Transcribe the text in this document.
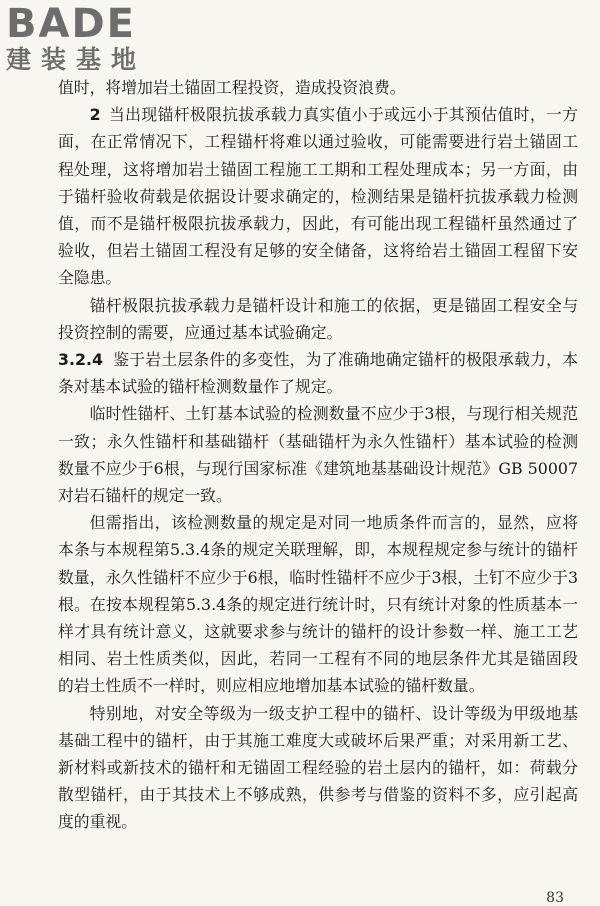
BADE
建装基地

值时，将增加岩土锚固工程投资，造成投资浪费。

2 当出现锚杆极限抗拔承载力真实值小于或远小于其预估值时，一方面，在正常情况下，工程锚杆将难以通过验收，可能需要进行岩土锚固工程处理，这将增加岩土锚固工程施工工期和工程处理成本；另一方面，由于锚杆验收荷载是依据设计要求确定的，检测结果是锚杆抗拔承载力检测值，而不是锚杆极限抗拔承载力，因此，有可能出现工程锚杆虽然通过了验收，但岩土锚固工程没有足够的安全储备，这将给岩土锚固工程留下安全隐患。

锚杆极限抗拔承载力是锚杆设计和施工的依据，更是锚固工程安全与投资控制的需要，应通过基本试验确定。

3.2.4 鉴于岩土层条件的多变性，为了准确地确定锚杆的极限承载力，本条对基本试验的锚杆检测数量作了规定。

临时性锚杆、土钉基本试验的检测数量不应少于3根，与现行相关规范一致；永久性锚杆和基础锚杆（基础锚杆为永久性锚杆）基本试验的检测数量不应少于6根，与现行国家标准《建筑地基基础设计规范》GB 50007 对岩石锚杆的规定一致。

但需指出，该检测数量的规定是对同一地质条件而言的，显然，应将本条与本规程第5.3.4条的规定关联理解，即，本规程规定参与统计的锚杆数量，永久性锚杆不应少于6根，临时性锚杆不应少于3根，土钉不应少于3根。在按本规程第5.3.4条的规定进行统计时，只有统计对象的性质基本一样才具有统计意义，这就要求参与统计的锚杆的设计参数一样、施工工艺相同、岩土性质类似，因此，若同一工程有不同的地层条件尤其是锚固段的岩土性质不一样时，则应相应地增加基本试验的锚杆数量。

特别地，对安全等级为一级支护工程中的锚杆、设计等级为甲级地基基础工程中的锚杆，由于其施工难度大或破坏后果严重；对采用新工艺、新材料或新技术的锚杆和无锚固工程经验的岩土层内的锚杆，如：荷载分散型锚杆，由于其技术上不够成熟，供参考与借鉴的资料不多，应引起高度的重视。

83
